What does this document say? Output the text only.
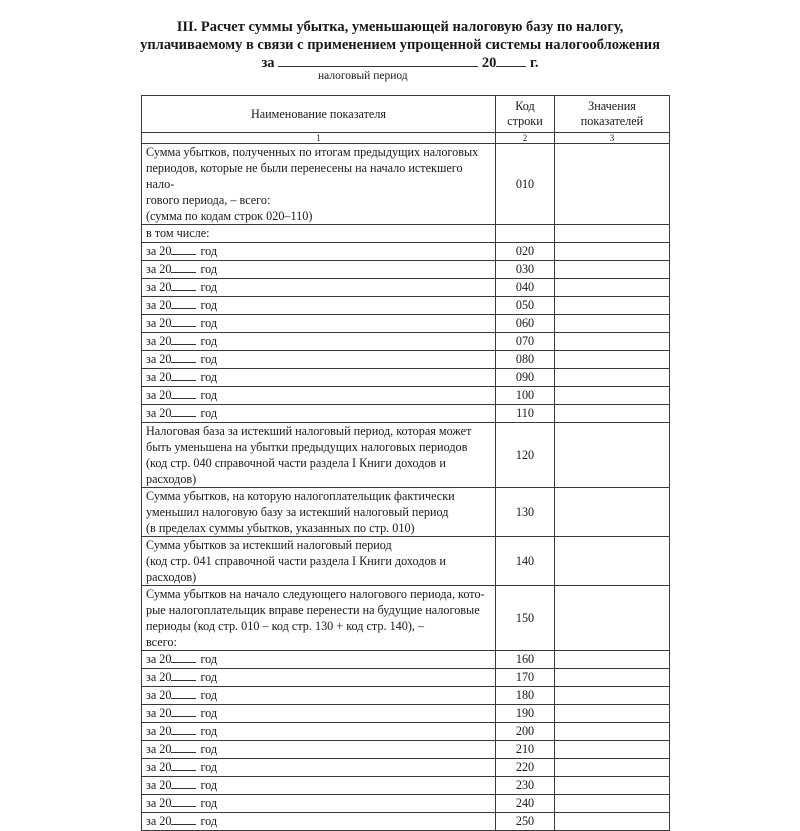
III. Расчет суммы убытка, уменьшающей налоговую базу по налогу,
уплачиваемому в связи с применением упрощенной системы налогообложения
за	20 г.
налоговый период
Наименование показателя	Код строки	Значения показателей
1	2	3

Сумма убытков, полученных по итогам предыдущих налоговых
периодов, которые не были перенесены на начало истекшего нало-
гового периода, – всего:
(сумма по кодам строк 020–110)	010	
в том числе:		
за 20 год	020	
за 20 год	030	
за 20 год	040	
за 20 год	050	
за 20 год	060	
за 20 год	070	
за 20 год	080	
за 20 год	090	
за 20 год	100	
за 20 год	110	

Налоговая база за истекший налоговый период, которая может
быть уменьшена на убытки предыдущих налоговых периодов
(код стр. 040 справочной части раздела I Книги доходов и расходов)	120	

Сумма убытков, на которую налогоплательщик фактически
уменьшил налоговую базу за истекший налоговый период
(в пределах суммы убытков, указанных по стр. 010)	130	

Сумма убытков за истекший налоговый период
(код стр. 041 справочной части раздела I Книги доходов и расходов)	140	

Сумма убытков на начало следующего налогового периода, кото-
рые налогоплательщик вправе перенести на будущие налоговые
периоды (код стр. 010 – код стр. 130 + код стр. 140), –
всего:	150	
за 20 год	160	
за 20 год	170	
за 20 год	180	
за 20 год	190	
за 20 год	200	
за 20 год	210	
за 20 год	220	
за 20 год	230	
за 20 год	240	
за 20 год	250	
